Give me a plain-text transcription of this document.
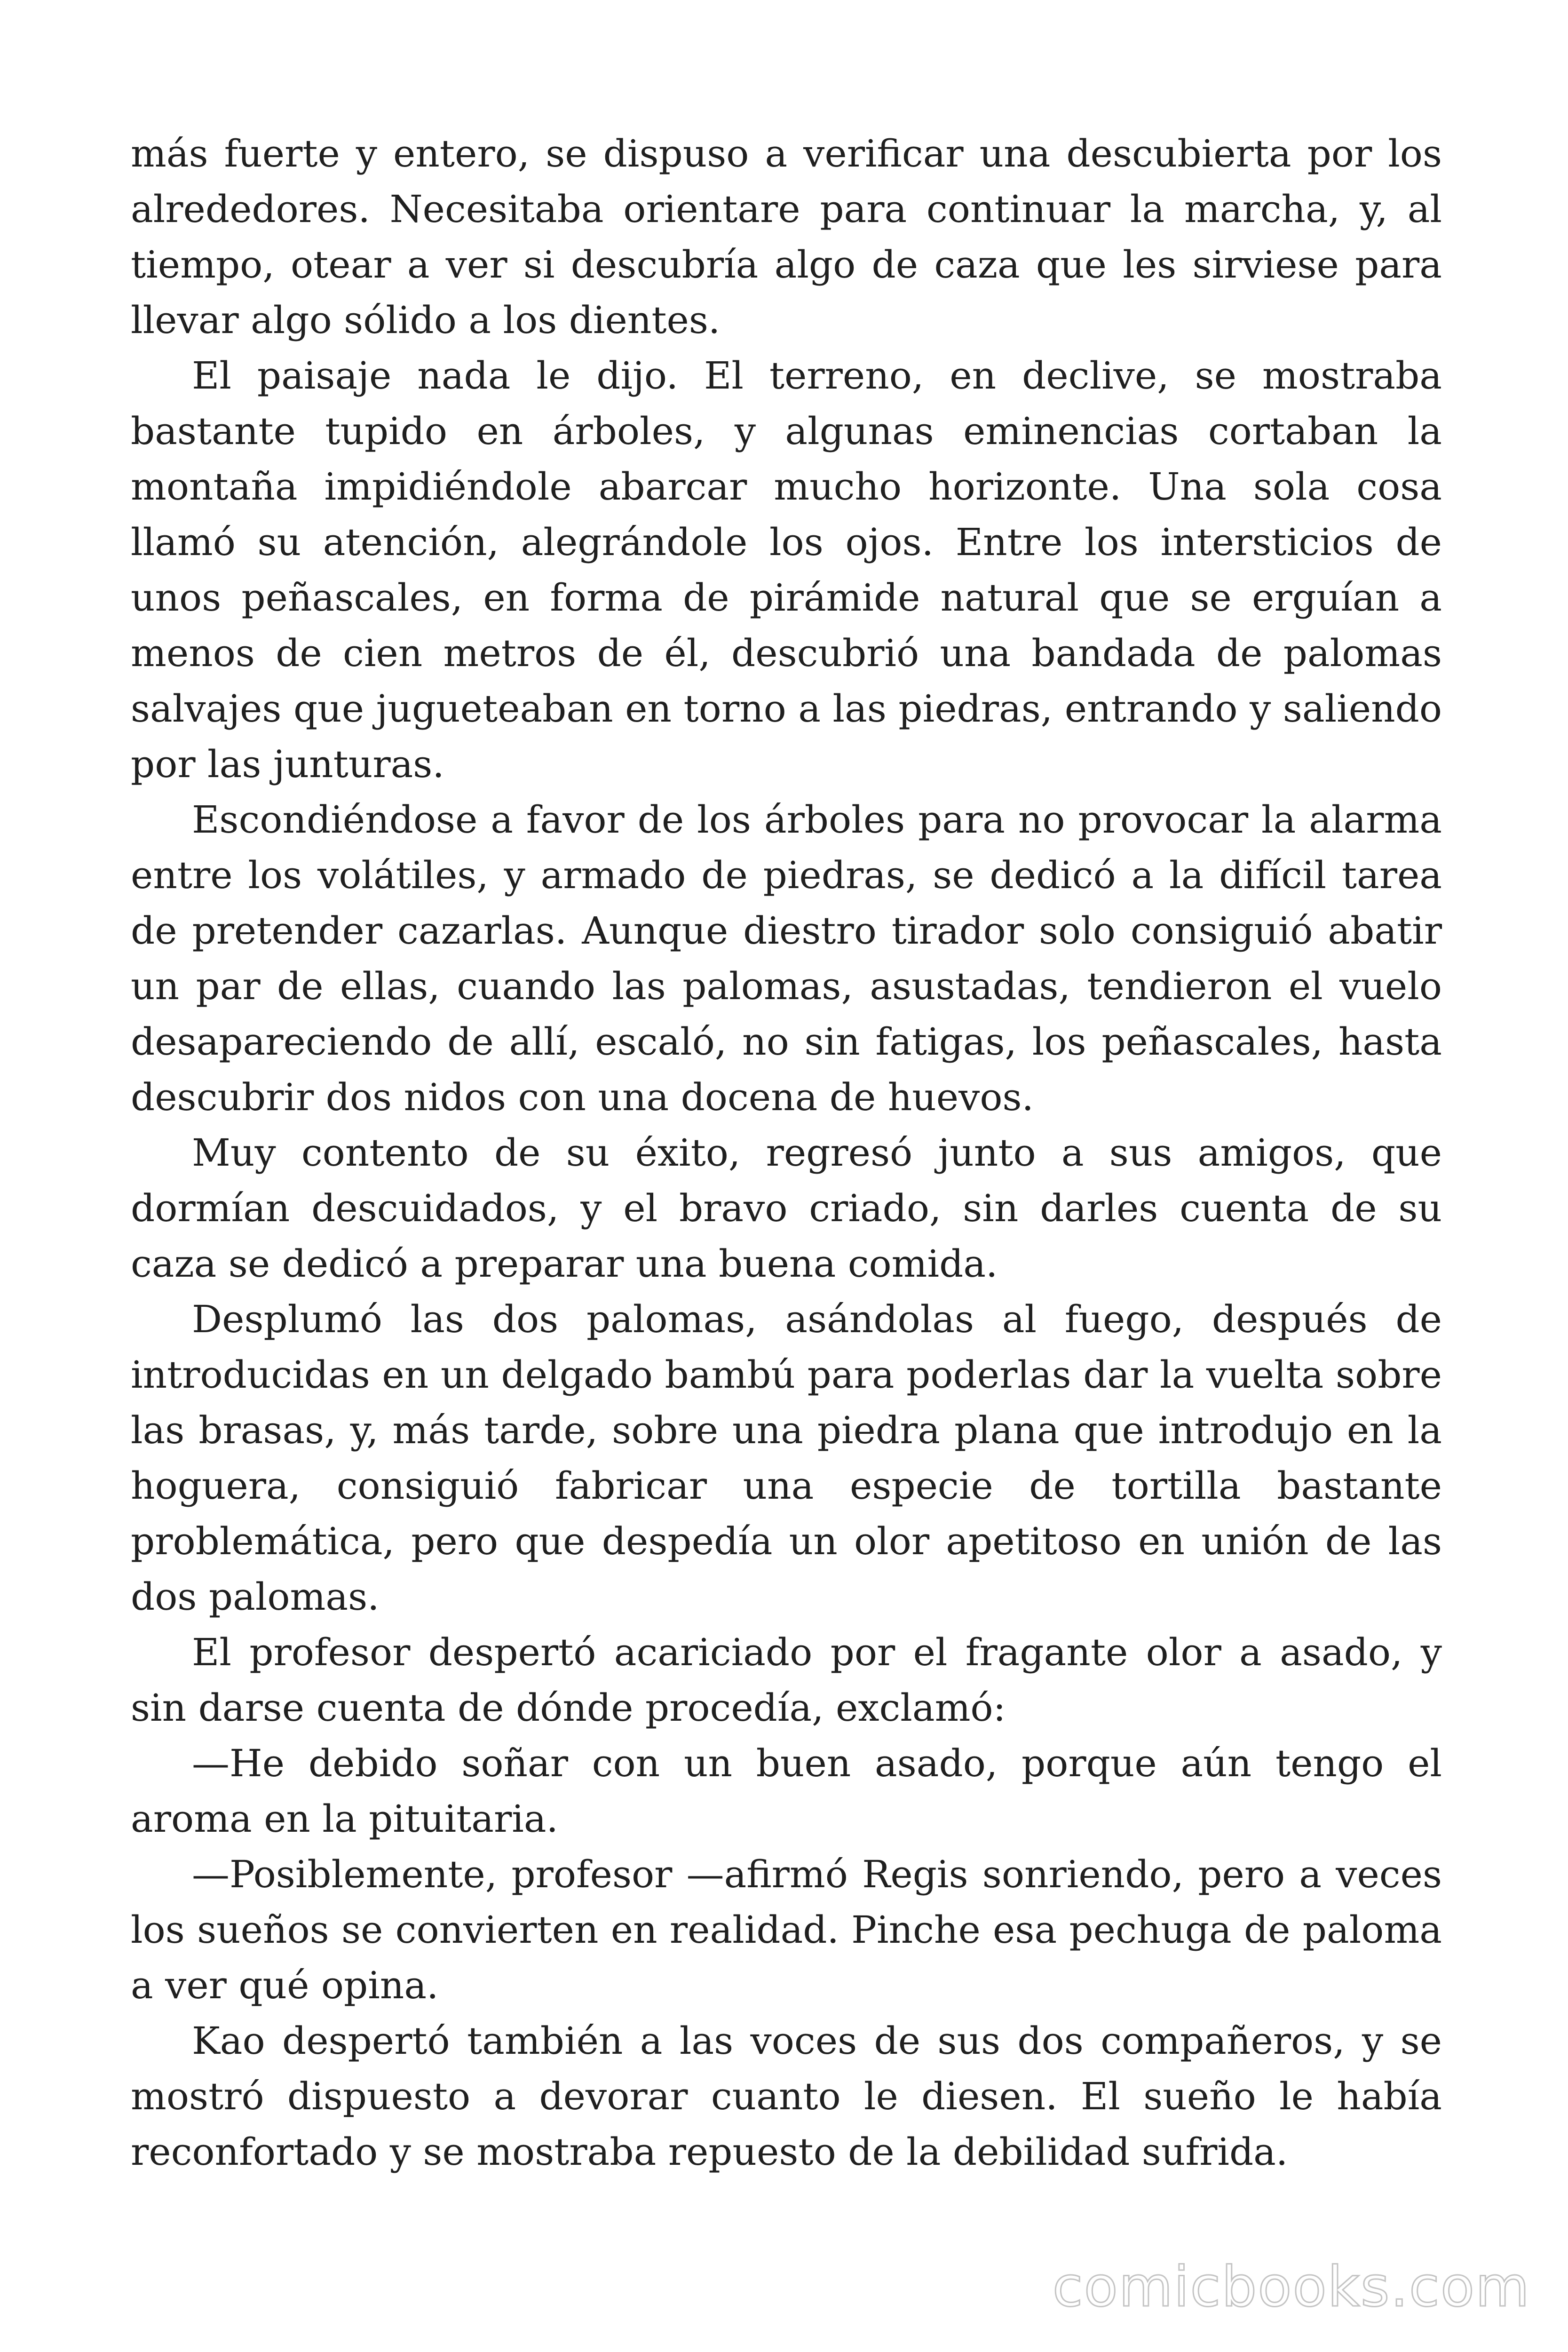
más fuerte y entero, se dispuso a verificar una descubierta por los alrededores. Necesitaba orientare para continuar la marcha, y, al tiempo, otear a ver si descubría algo de caza que les sirviese para llevar algo sólido a los dientes.

El paisaje nada le dijo. El terreno, en declive, se mostraba bastante tupido en árboles, y algunas eminencias cortaban la montaña impidiéndole abarcar mucho horizonte. Una sola cosa llamó su atención, alegrándole los ojos. Entre los intersticios de unos peñascales, en forma de pirámide natural que se erguían a menos de cien metros de él, descubrió una bandada de palomas salvajes que jugueteaban en torno a las piedras, entrando y saliendo por las junturas.

Escondiéndose a favor de los árboles para no provocar la alarma entre los volátiles, y armado de piedras, se dedicó a la difícil tarea de pretender cazarlas. Aunque diestro tirador solo consiguió abatir un par de ellas, cuando las palomas, asustadas, tendieron el vuelo desapareciendo de allí, escaló, no sin fatigas, los peñascales, hasta descubrir dos nidos con una docena de huevos.

Muy contento de su éxito, regresó junto a sus amigos, que dormían descuidados, y el bravo criado, sin darles cuenta de su caza se dedicó a preparar una buena comida.

Desplumó las dos palomas, asándolas al fuego, después de introducidas en un delgado bambú para poderlas dar la vuelta sobre las brasas, y, más tarde, sobre una piedra plana que introdujo en la hoguera, consiguió fabricar una especie de tortilla bastante problemática, pero que despedía un olor apetitoso en unión de las dos palomas.

El profesor despertó acariciado por el fragante olor a asado, y sin darse cuenta de dónde procedía, exclamó:

—He debido soñar con un buen asado, porque aún tengo el aroma en la pituitaria.

—Posiblemente, profesor —afirmó Regis sonriendo, pero a veces los sueños se convierten en realidad. Pinche esa pechuga de paloma a ver qué opina.

Kao despertó también a las voces de sus dos compañeros, y se mostró dispuesto a devorar cuanto le diesen. El sueño le había reconfortado y se mostraba repuesto de la debilidad sufrida.

comicbooks.com
